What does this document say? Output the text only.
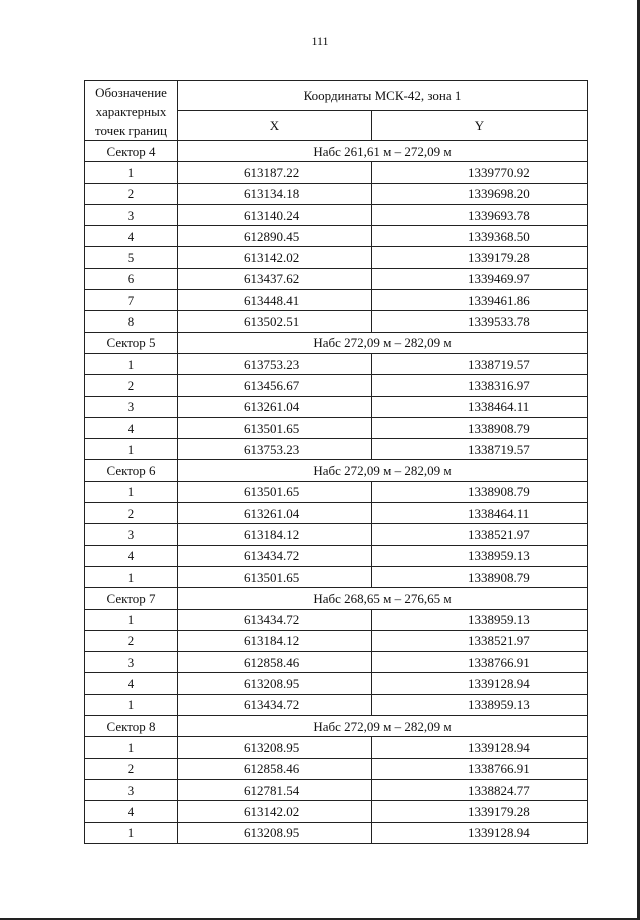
111
Обозначение характерных точек границ	Координаты МСК-42, зона 1	
	X	Y
Сектор 4	Набс 261,61 м – 272,09 м	
1	613187.22	1339770.92
2	613134.18	1339698.20
3	613140.24	1339693.78
4	612890.45	1339368.50
5	613142.02	1339179.28
6	613437.62	1339469.97
7	613448.41	1339461.86
8	613502.51	1339533.78
Сектор 5	Набс 272,09 м – 282,09 м	
1	613753.23	1338719.57
2	613456.67	1338316.97
3	613261.04	1338464.11
4	613501.65	1338908.79
1	613753.23	1338719.57
Сектор 6	Набс 272,09 м – 282,09 м	
1	613501.65	1338908.79
2	613261.04	1338464.11
3	613184.12	1338521.97
4	613434.72	1338959.13
1	613501.65	1338908.79
Сектор 7	Набс 268,65 м – 276,65 м	
1	613434.72	1338959.13
2	613184.12	1338521.97
3	612858.46	1338766.91
4	613208.95	1339128.94
1	613434.72	1338959.13
Сектор 8	Набс 272,09 м – 282,09 м	
1	613208.95	1339128.94
2	612858.46	1338766.91
3	612781.54	1338824.77
4	613142.02	1339179.28
1	613208.95	1339128.94
